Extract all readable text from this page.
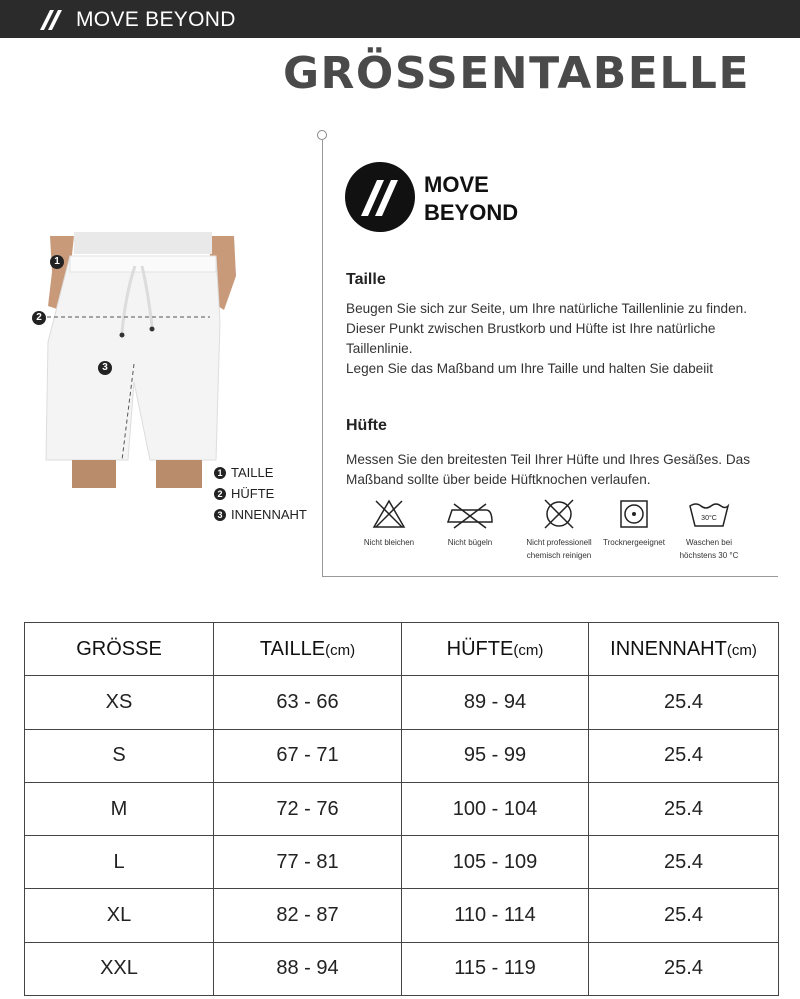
MOVE BEYOND
GRÖSSENTABELLE
1
2
3
1 TAILLE
2 HÜFTE
3 INNENNAHT
MOVE
BEYOND
Taille
Beugen Sie sich zur Seite, um Ihre natürliche Taillenlinie zu finden. Dieser Punkt zwischen Brustkorb und Hüfte ist Ihre natürliche Taillenlinie.
Legen Sie das Maßband um Ihre Taille und halten Sie dabeiit
Hüfte
Messen Sie den breitesten Teil Ihrer Hüfte und Ihres Gesäßes. Das Maßband sollte über beide Hüftknochen verlaufen.
Nicht bleichen	Nicht bügeln	Nicht professionell chemisch reinigen
Trocknergeeignet
30°C
Waschen bei höchstens 30 °C
GRÖSSE	TAILLE(cm)	HÜFTE(cm)	INNENNAHT(cm)
XS	63 - 66	89 - 94	25.4
S	67 - 71	95 - 99	25.4
M	72 - 76	100 - 104	25.4
L	77 - 81	105 - 109	25.4
XL	82 - 87	110 - 114	25.4
XXL	88 - 94	115 - 119	25.4
